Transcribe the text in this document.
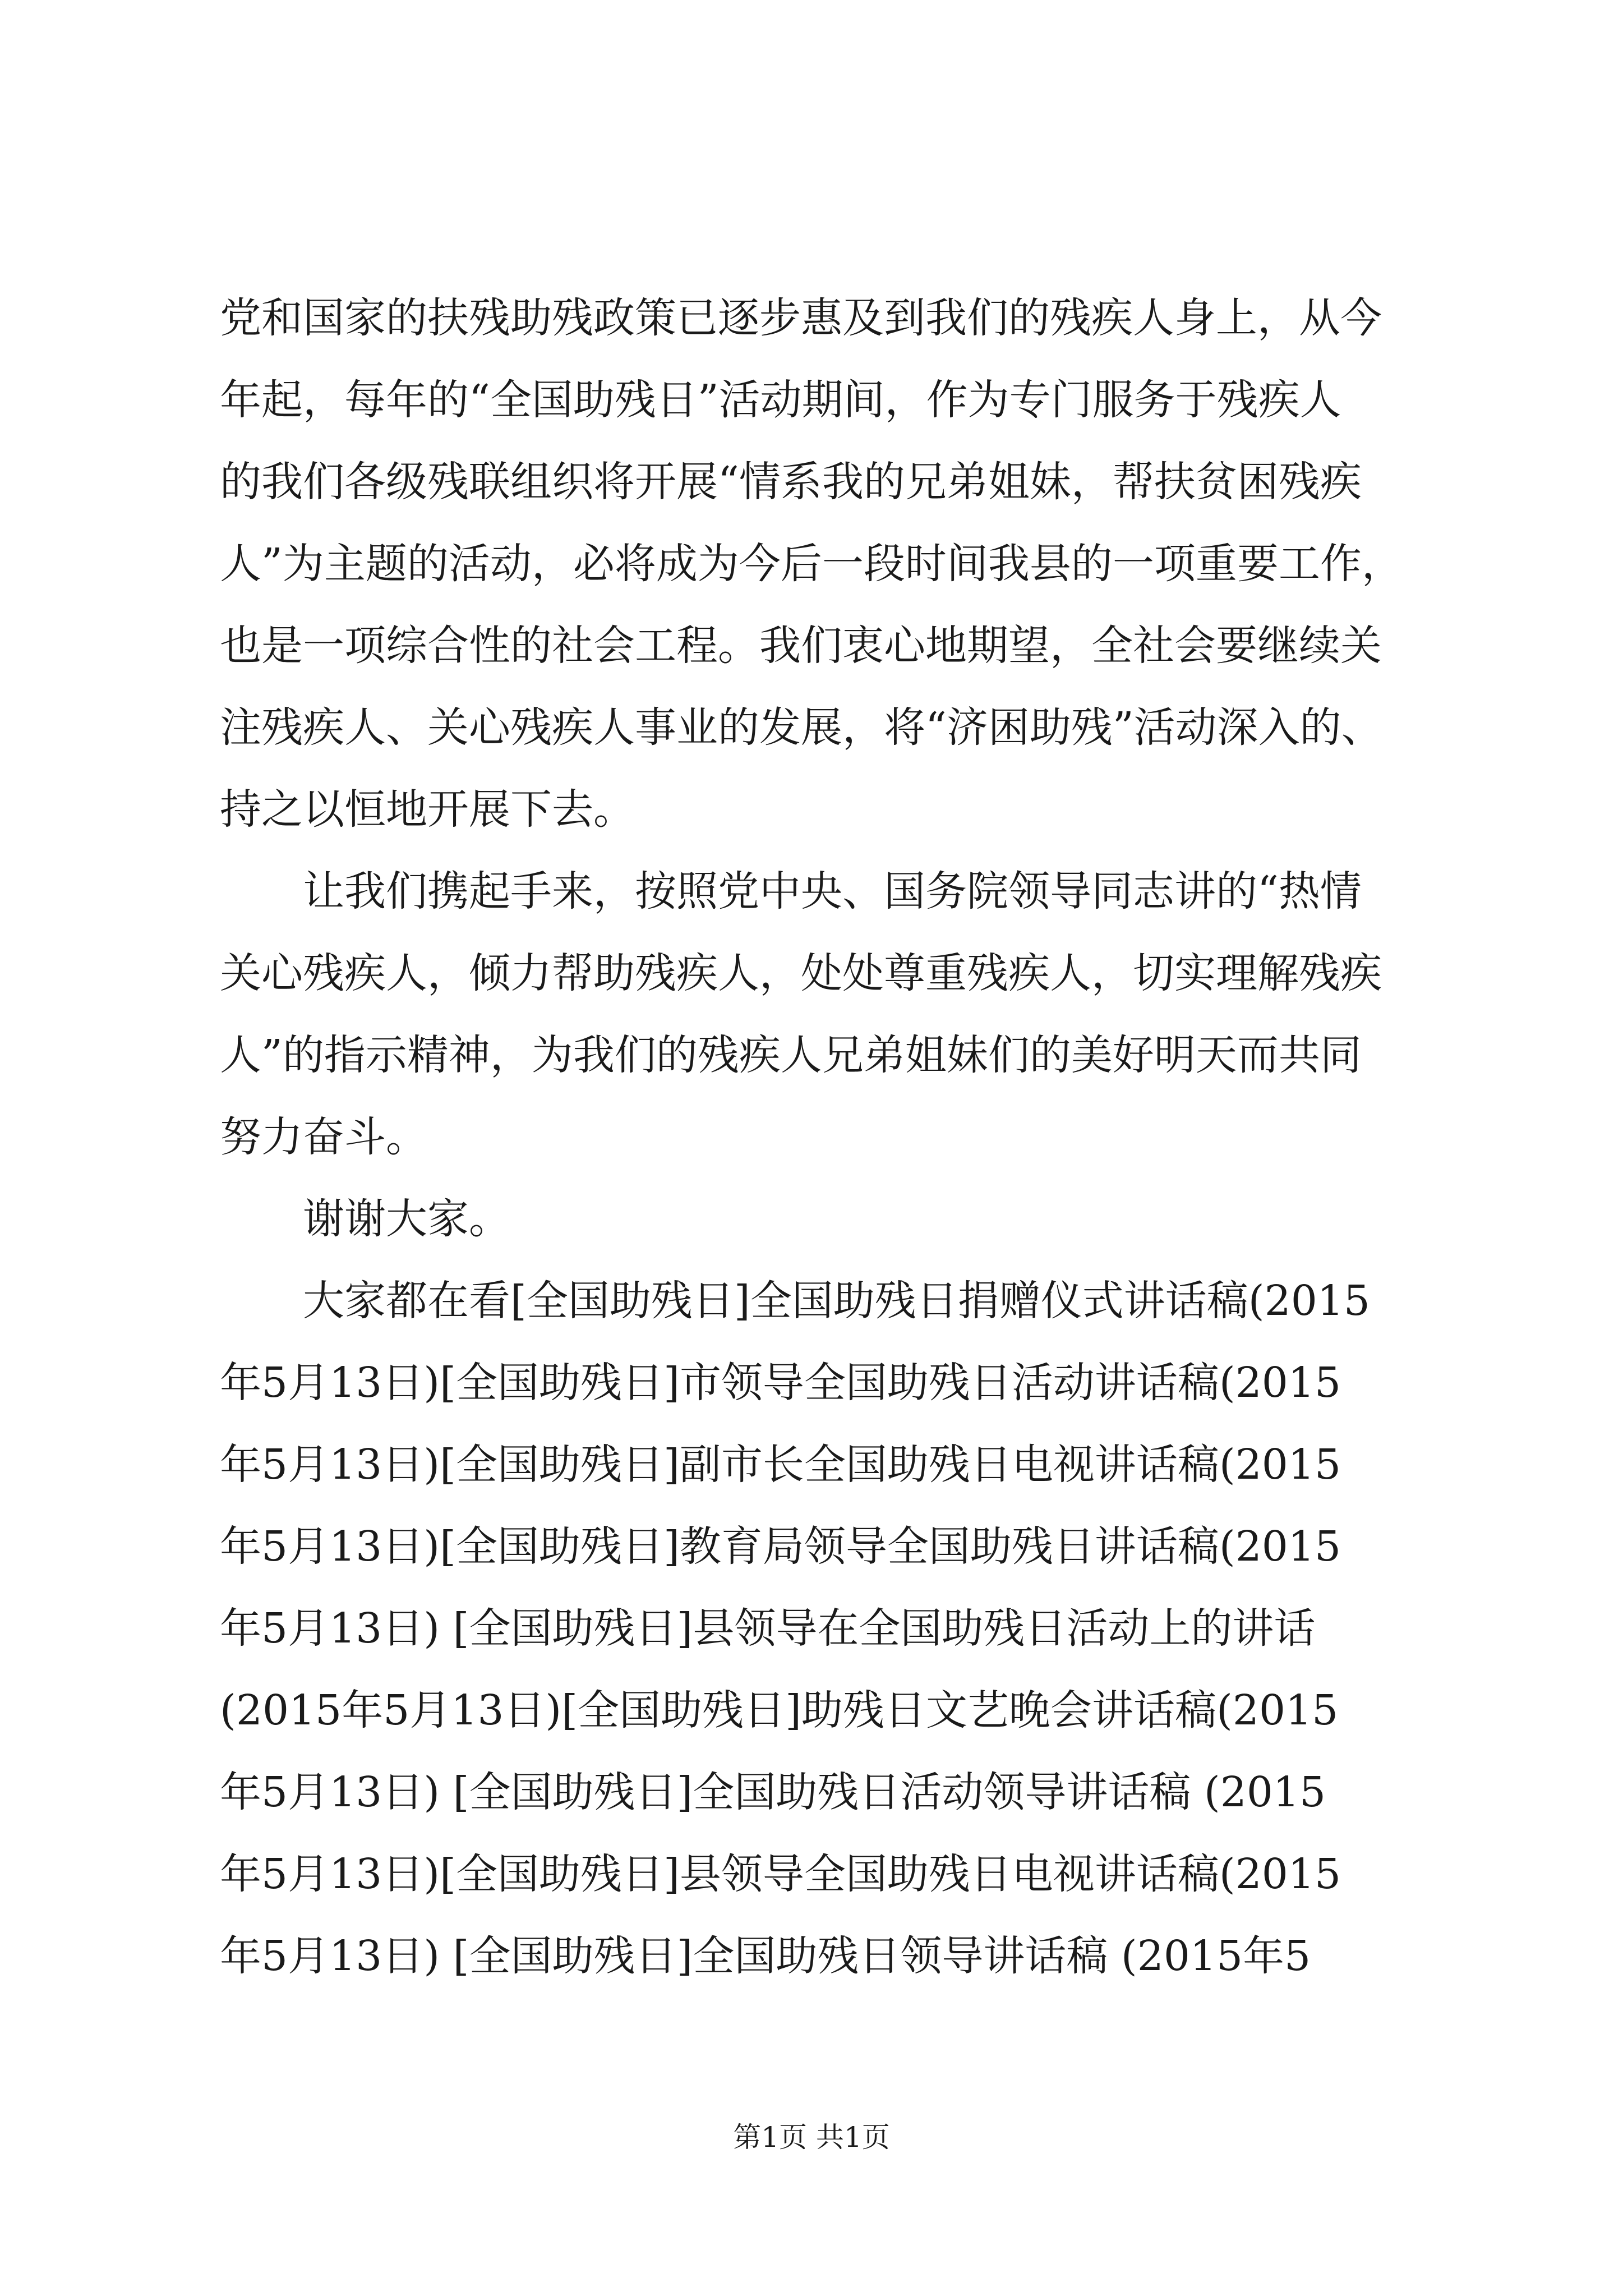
党和国家的扶残助残政策已逐步惠及到我们的残疾人身上，从今
年起，每年的“全国助残日”活动期间，作为专门服务于残疾人
的我们各级残联组织将开展“情系我的兄弟姐妹，帮扶贫困残疾
人”为主题的活动，必将成为今后一段时间我县的一项重要工作，
也是一项综合性的社会工程。我们衷心地期望，全社会要继续关
注残疾人、关心残疾人事业的发展，将“济困助残”活动深入的、
持之以恒地开展下去。
让我们携起手来，按照党中央、国务院领导同志讲的“热情
关心残疾人，倾力帮助残疾人，处处尊重残疾人，切实理解残疾
人”的指示精神，为我们的残疾人兄弟姐妹们的美好明天而共同
努力奋斗。
谢谢大家。
大家都在看[全国助残日]全国助残日捐赠仪式讲话稿(2015
年5月13日)[全国助残日]市领导全国助残日活动讲话稿(2015
年5月13日)[全国助残日]副市长全国助残日电视讲话稿(2015
年5月13日)[全国助残日]教育局领导全国助残日讲话稿(2015
年5月13日) [全国助残日]县领导在全国助残日活动上的讲话
(2015年5月13日)[全国助残日]助残日文艺晚会讲话稿(2015
年5月13日) [全国助残日]全国助残日活动领导讲话稿 (2015
年5月13日)[全国助残日]县领导全国助残日电视讲话稿(2015
年5月13日) [全国助残日]全国助残日领导讲话稿 (2015年5
第1页 共1页
